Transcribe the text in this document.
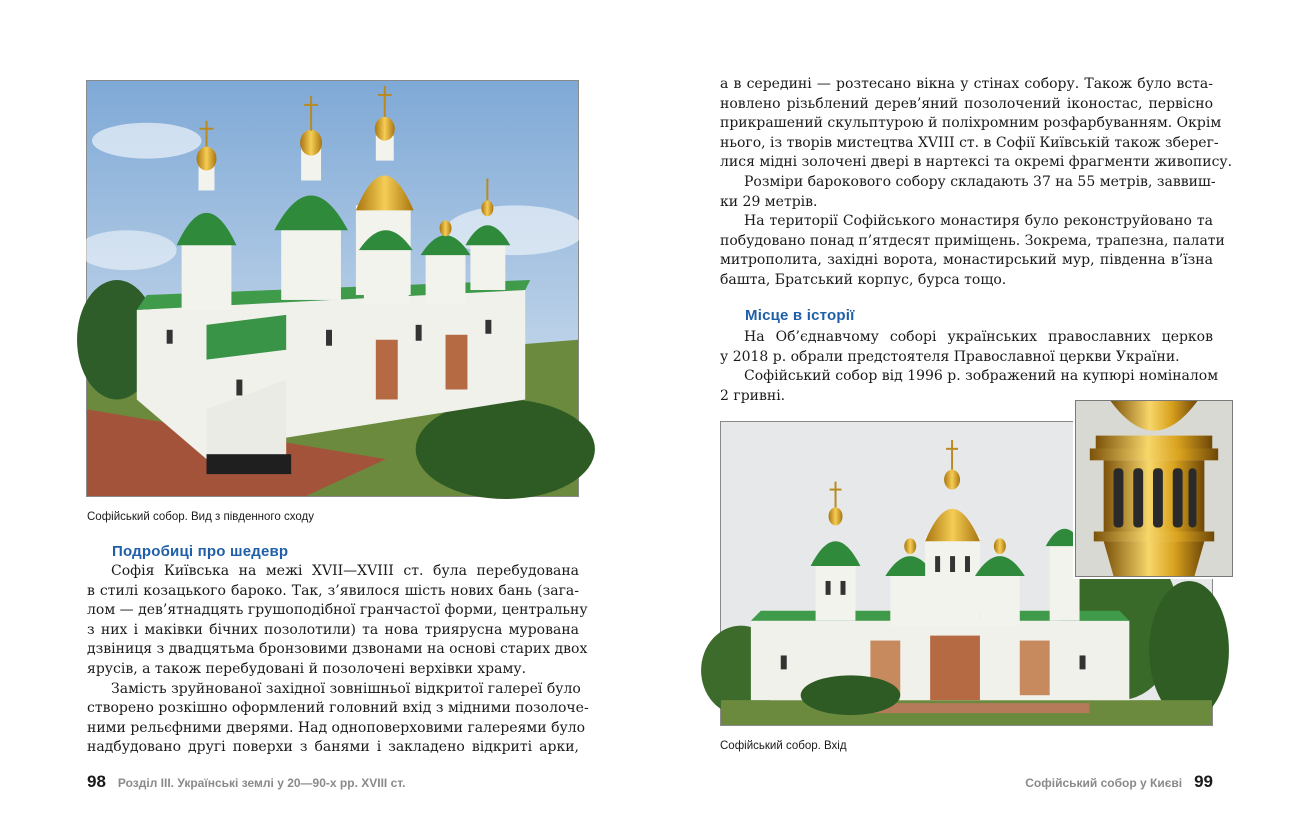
Софійський собор. Вид з південного сходу
Подробиці про шедевр

Софія Київська на межі XVII—XVIII ст. була перебудована
в стилі козацького бароко. Так, з’явилося шість нових бань (зага-
лом — дев’ятнадцять грушоподібної гранчастої форми, центральну
з них і маківки бічних позолотили) та нова триярусна мурована
дзвіниця з двадцятьма бронзовими дзвонами на основі старих двох
ярусів, а також перебудовані й позолочені верхівки храму.

Замість зруйнованої західної зовнішньої відкритої галереї було
створено розкішно оформлений головний вхід з мідними позолоче-
ними рельєфними дверями. Над одноповерховими галереями було
надбудовано другі поверхи з банями і закладено відкриті арки,

98 Розділ ІІІ. Українські землі у 20—90-х рр. XVIII ст.

а в середині — розтесано вікна у стінах собору. Також було вста-
новлено різьблений дерев’яний позолочений іконостас, первісно
прикрашений скульптурою й поліхромним розфарбуванням. Окрім
нього, із творів мистецтва XVIII ст. в Софії Київській також зберег-
лися мідні золочені двері в нартексі та окремі фрагменти живопису.

Розміри барокового собору складають 37 на 55 метрів, заввиш-
ки 29 метрів.

На території Софійського монастиря було реконструйовано та
побудовано понад п’ятдесят приміщень. Зокрема, трапезна, палати
митрополита, західні ворота, монастирський мур, південна в’їзна
башта, Братський корпус, бурса тощо.

Місце в історії

На Об’єднавчому соборі українських православних церков
у 2018 р. обрали предстоятеля Православної церкви України.

Софійський собор від 1996 р. зображений на купюрі номіналом
2 гривні.

Софійський собор. Вхід
Софійський собор у Києві 99
